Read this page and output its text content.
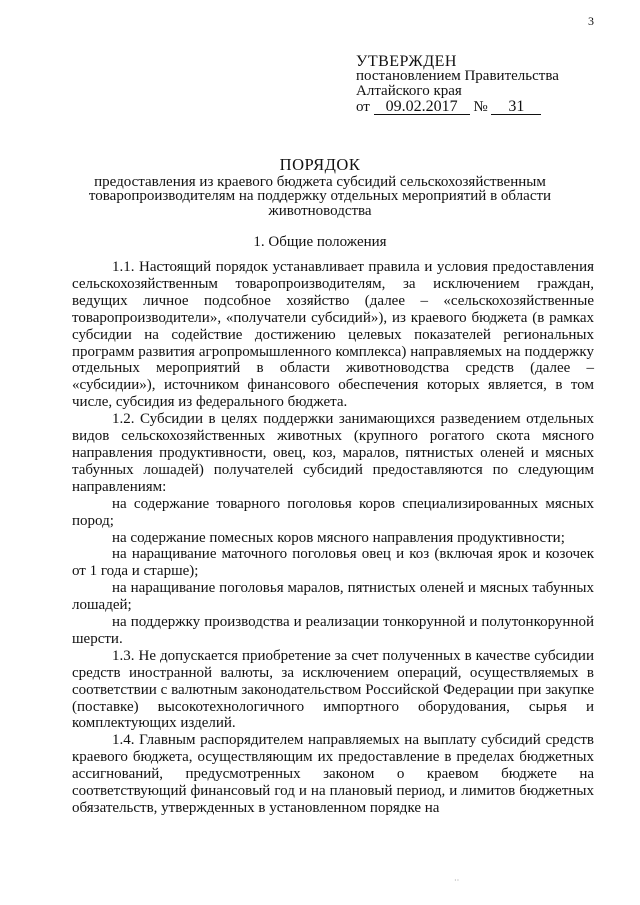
3
УТВЕРЖДЕН
постановлением Правительства
Алтайского края
от 09.02.2017 № 31
ПОРЯДОК
предоставления из краевого бюджета субсидий сельскохозяйственным товаропроизводителям на поддержку отдельных мероприятий в области животноводства
1. Общие положения

1.1. Настоящий порядок устанавливает правила и условия предоставления сельскохозяйственным товаропроизводителям, за исключением граждан, ведущих личное подсобное хозяйство (далее – «сельскохозяйственные товаропроизводители», «получатели субсидий»), из краевого бюджета (в рамках субсидии на содействие достижению целевых показателей региональных программ развития агропромышленного комплекса) направляемых на поддержку отдельных мероприятий в области животноводства средств (далее – «субсидии»), источником финансового обеспечения которых является, в том числе, субсидия из федерального бюджета.

1.2. Субсидии в целях поддержки занимающихся разведением отдельных видов сельскохозяйственных животных (крупного рогатого скота мясного направления продуктивности, овец, коз, маралов, пятнистых оленей и мясных табунных лошадей) получателей субсидий предоставляются по следующим направлениям:

на содержание товарного поголовья коров специализированных мясных пород;

на содержание помесных коров мясного направления продуктивности;

на наращивание маточного поголовья овец и коз (включая ярок и козочек от 1 года и старше);

на наращивание поголовья маралов, пятнистых оленей и мясных табунных лошадей;

на поддержку производства и реализации тонкорунной и полутонкорунной шерсти.

1.3. Не допускается приобретение за счет полученных в качестве субсидии средств иностранной валюты, за исключением операций, осуществляемых в соответствии с валютным законодательством Российской Федерации при закупке (поставке) высокотехнологичного импортного оборудования, сырья и комплектующих изделий.

1.4. Главным распорядителем направляемых на выплату субсидий средств краевого бюджета, осуществляющим их предоставление в пределах бюджетных ассигнований, предусмотренных законом о краевом бюджете на соответствующий финансовый год и на плановый период, и лимитов бюджетных обязательств, утвержденных в установленном порядке на

··
